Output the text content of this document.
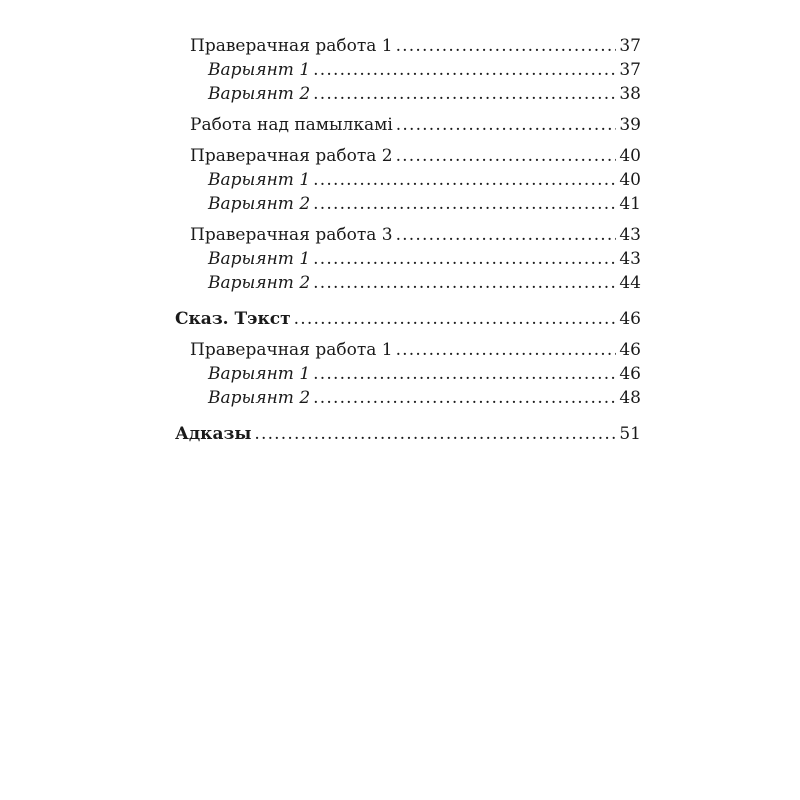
Праверачная работа 1 .....	37
Варыянт 1 .....	37
Варыянт 2 .....	38
Работа над памылкамі .....	39
Праверачная работа 2 .....	40
Варыянт 1 .....	40
Варыянт 2 .....	41
Праверачная работа 3 .....	43
Варыянт 1 .....	43
Варыянт 2 .....	44
Сказ. Тэкст .....	46
Праверачная работа 1 .....	46
Варыянт 1 .....	46
Варыянт 2 .....	48
Адказы .....	51
